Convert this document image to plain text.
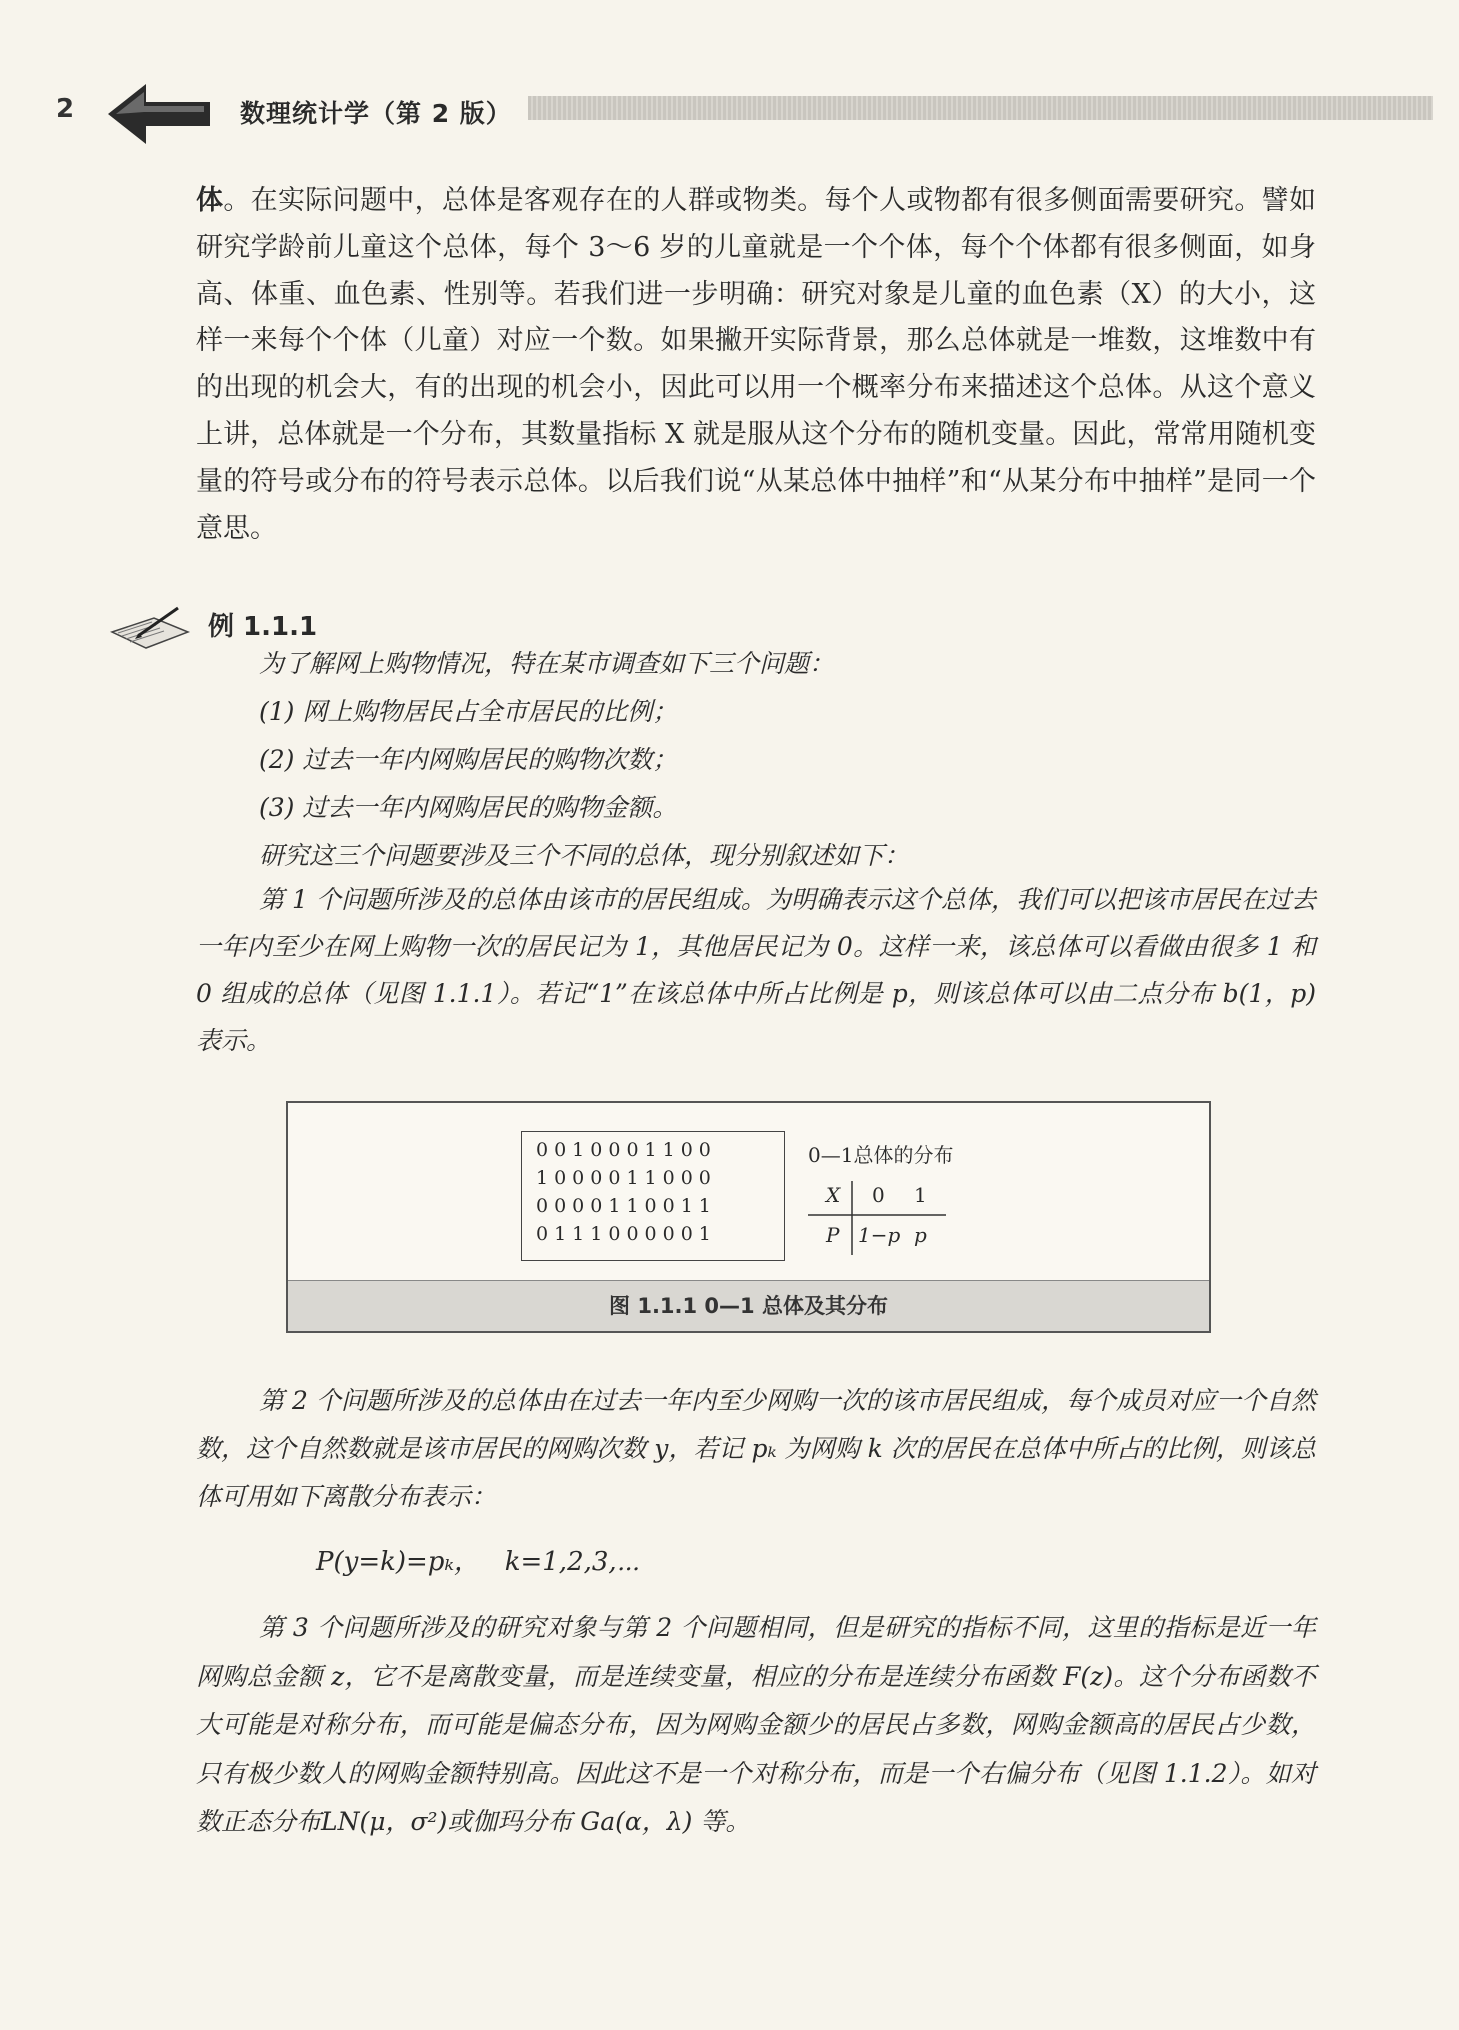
2	数理统计学（第 2 版）

体。在实际问题中，总体是客观存在的人群或物类。每个人或物都有很多侧面需要研究。譬如研究学龄前儿童这个总体，每个 3～6 岁的儿童就是一个个体，每个个体都有很多侧面，如身高、体重、血色素、性别等。若我们进一步明确：研究对象是儿童的血色素（X）的大小，这样一来每个个体（儿童）对应一个数。如果撇开实际背景，那么总体就是一堆数，这堆数中有的出现的机会大，有的出现的机会小，因此可以用一个概率分布来描述这个总体。从这个意义上讲，总体就是一个分布，其数量指标 X 就是服从这个分布的随机变量。因此，常常用随机变量的符号或分布的符号表示总体。以后我们说“从某总体中抽样”和“从某分布中抽样”是同一个意思。

例 1.1.1

为了解网上购物情况，特在某市调查如下三个问题：

(1) 网上购物居民占全市居民的比例；

(2) 过去一年内网购居民的购物次数；

(3) 过去一年内网购居民的购物金额。

研究这三个问题要涉及三个不同的总体，现分别叙述如下：

第 1 个问题所涉及的总体由该市的居民组成。为明确表示这个总体，我们可以把该市居民在过去一年内至少在网上购物一次的居民记为 1，其他居民记为 0。这样一来，该总体可以看做由很多 1 和 0 组成的总体（见图 1.1.1）。若记“1”在该总体中所占比例是 p，则该总体可以由二点分布 b(1，p) 表示。

0010001100
1000011000
0000110011
0111000001
0—1总体的分布
X 0 1
P 1−p p
图 1.1.1 0—1 总体及其分布

第 2 个问题所涉及的总体由在过去一年内至少网购一次的该市居民组成，每个成员对应一个自然数，这个自然数就是该市居民的网购次数 y，若记 pₖ 为网购 k 次的居民在总体中所占的比例，则该总体可用如下离散分布表示：

P(y=k)=pₖ，   k=1,2,3,⋯

第 3 个问题所涉及的研究对象与第 2 个问题相同，但是研究的指标不同，这里的指标是近一年网购总金额 z，它不是离散变量，而是连续变量，相应的分布是连续分布函数 F(z)。这个分布函数不大可能是对称分布，而可能是偏态分布，因为网购金额少的居民占多数，网购金额高的居民占少数，只有极少数人的网购金额特别高。因此这不是一个对称分布，而是一个右偏分布（见图 1.1.2）。如对数正态分布LN(μ，σ²)或伽玛分布 Ga(α，λ) 等。
